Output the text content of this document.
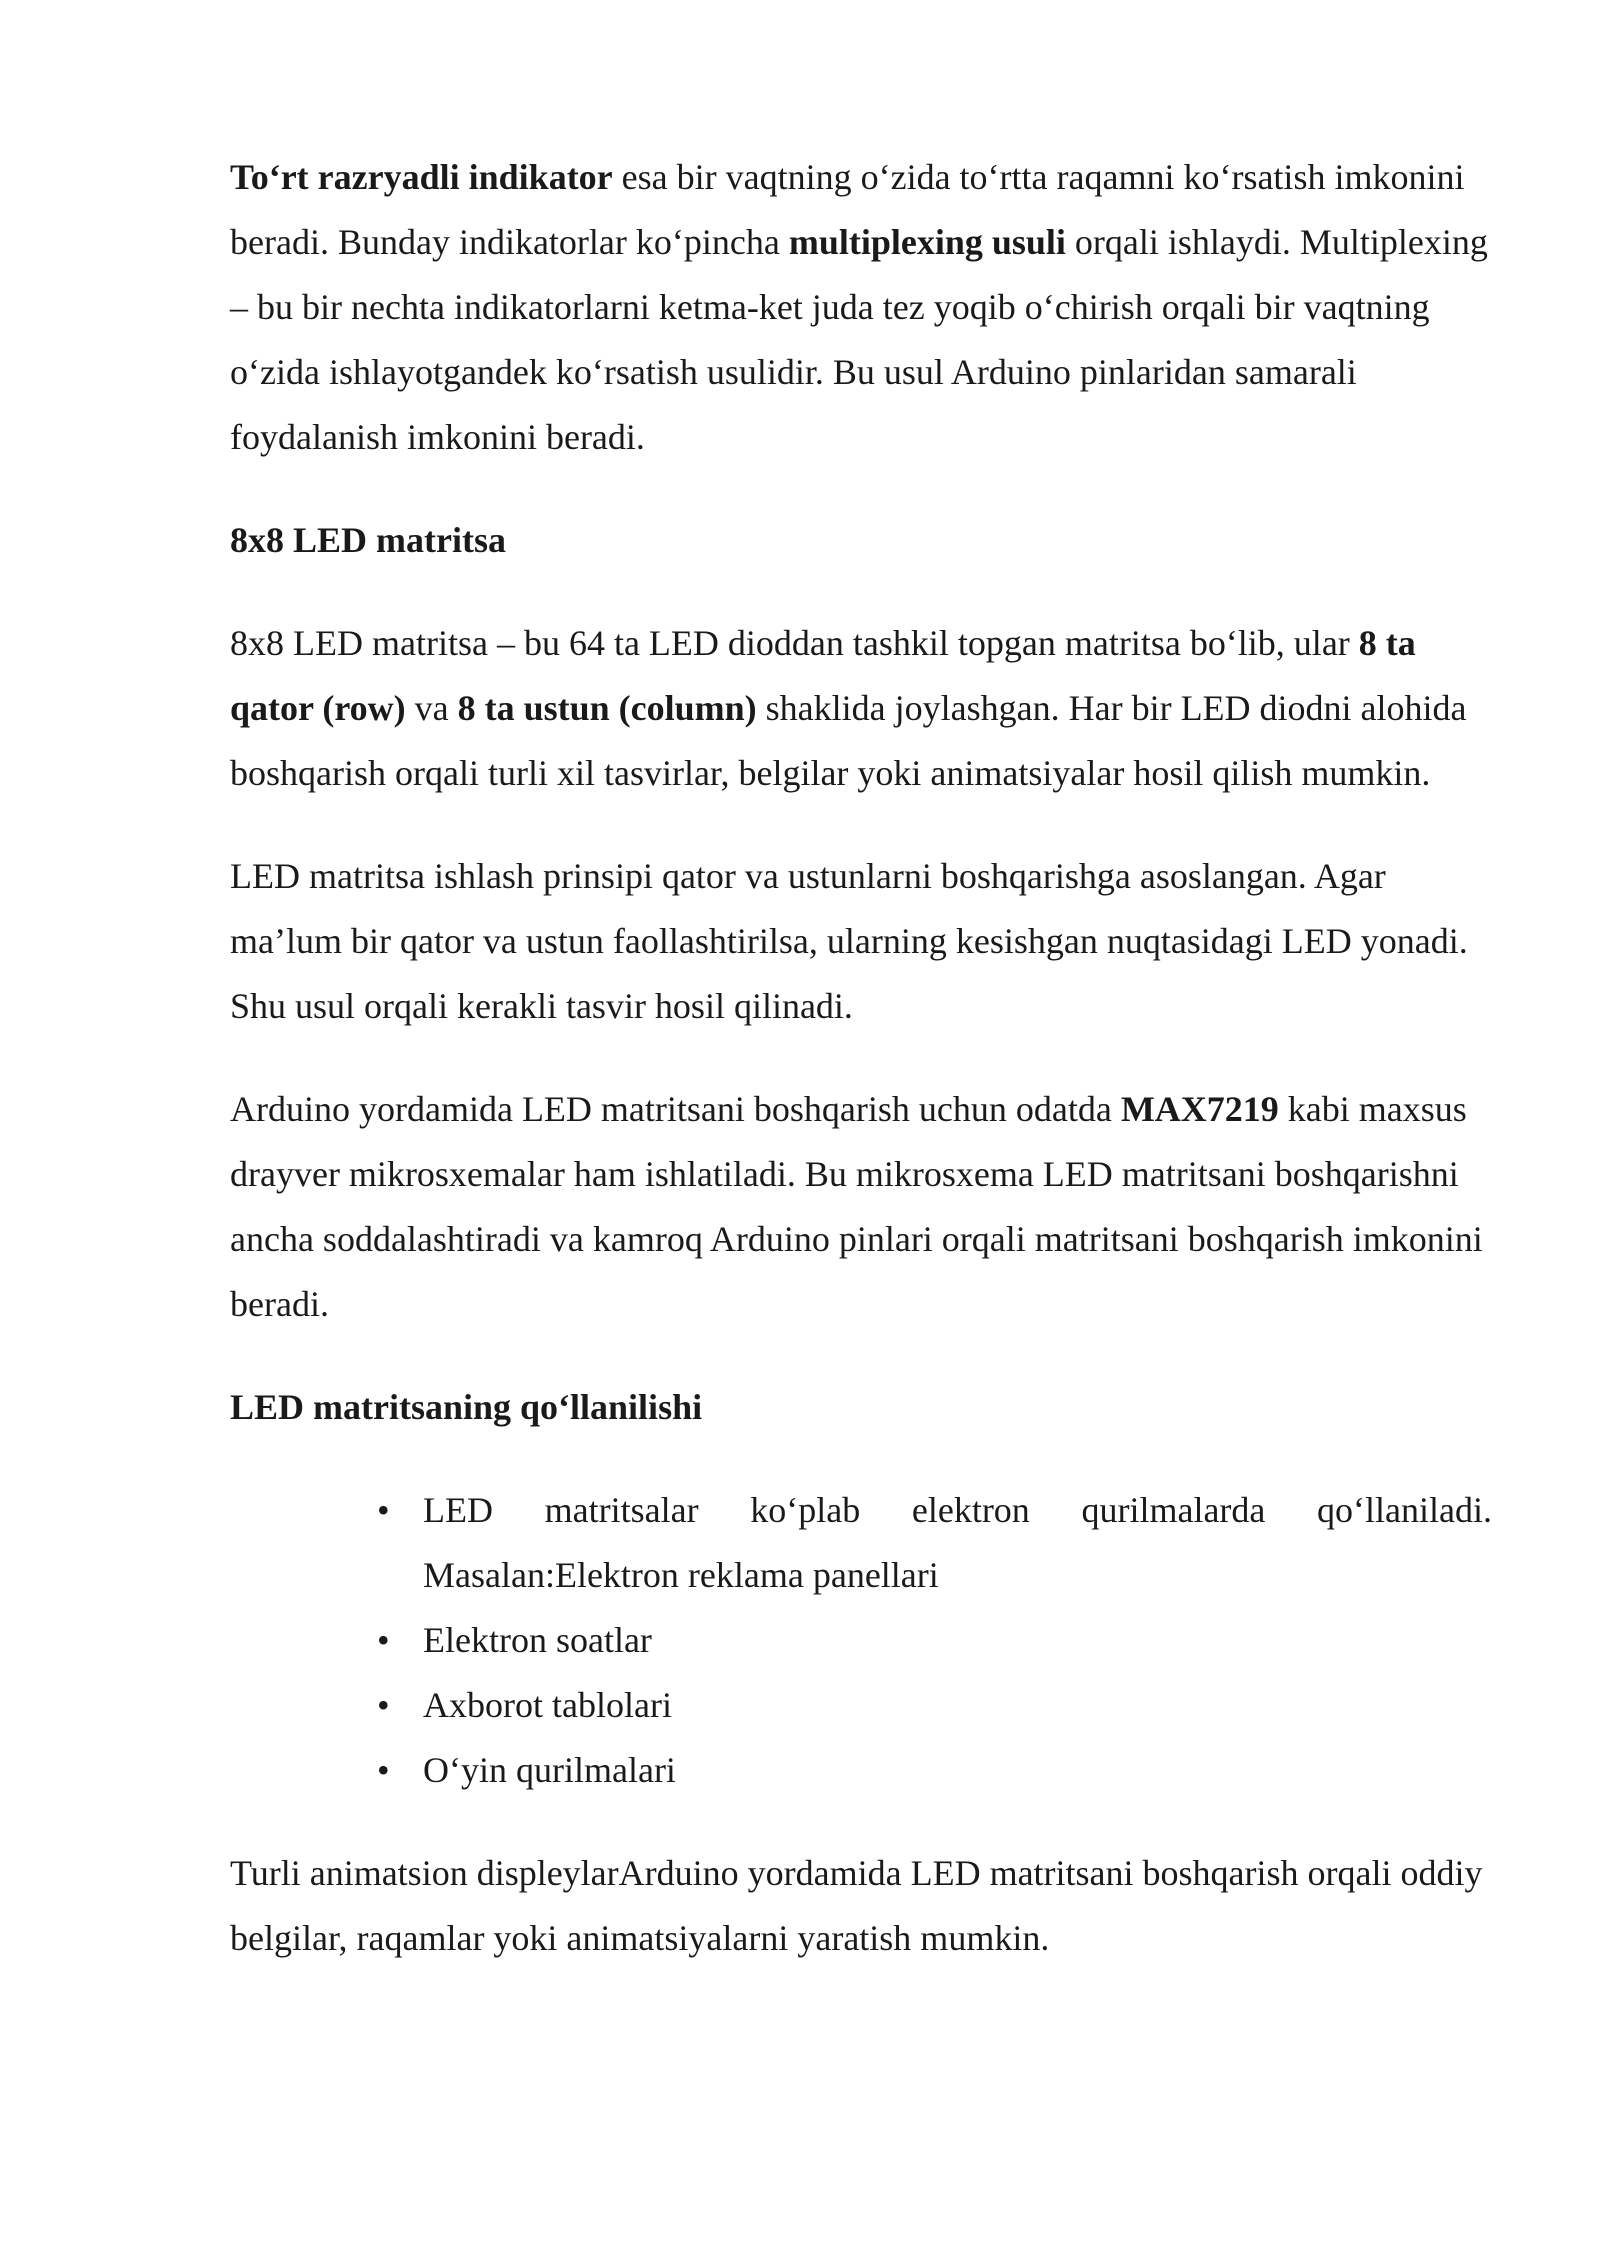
To‘rt razryadli indikator esa bir vaqtning o‘zida to‘rtta raqamni ko‘rsatish imkonini beradi. Bunday indikatorlar ko‘pincha multiplexing usuli orqali ishlaydi. Multiplexing – bu bir nechta indikatorlarni ketma-ket juda tez yoqib o‘chirish orqali bir vaqtning o‘zida ishlayotgandek ko‘rsatish usulidir. Bu usul Arduino pinlaridan samarali foydalanish imkonini beradi.

8x8 LED matritsa

8x8 LED matritsa – bu 64 ta LED dioddan tashkil topgan matritsa bo‘lib, ular 8 ta qator (row) va 8 ta ustun (column) shaklida joylashgan. Har bir LED diodni alohida boshqarish orqali turli xil tasvirlar, belgilar yoki animatsiyalar hosil qilish mumkin.

LED matritsa ishlash prinsipi qator va ustunlarni boshqarishga asoslangan. Agar ma’lum bir qator va ustun faollashtirilsa, ularning kesishgan nuqtasidagi LED yonadi. Shu usul orqali kerakli tasvir hosil qilinadi.

Arduino yordamida LED matritsani boshqarish uchun odatda MAX7219 kabi maxsus drayver mikrosxemalar ham ishlatiladi. Bu mikrosxema LED matritsani boshqarishni ancha soddalashtiradi va kamroq Arduino pinlari orqali matritsani boshqarish imkonini beradi.

LED matritsaning qo‘llanilishi
• LED matritsalar ko‘plab elektron qurilmalarda qo‘llaniladi. Masalan:Elektron reklama panellari
• Elektron soatlar
• Axborot tablolari
• O‘yin qurilmalari

Turli animatsion displeylarArduino yordamida LED matritsani boshqarish orqali oddiy belgilar, raqamlar yoki animatsiyalarni yaratish mumkin.
